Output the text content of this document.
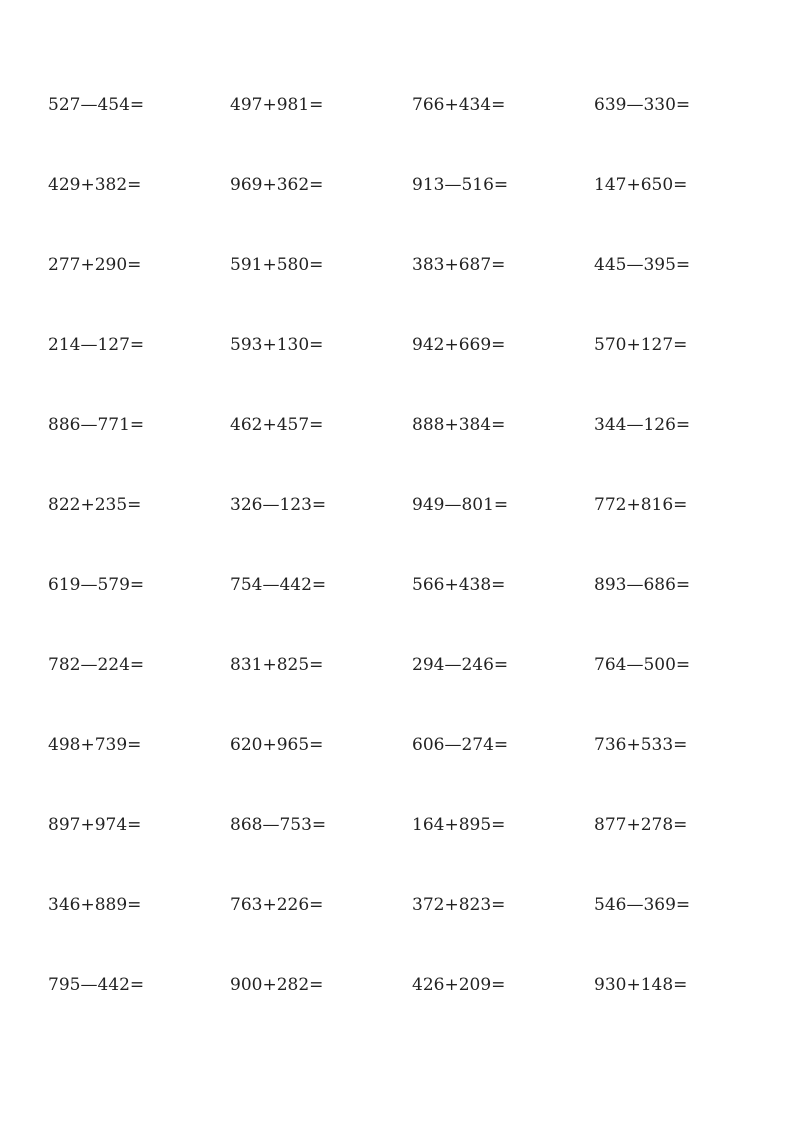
527—454=	497+981=	766+434=	639—330=
429+382=	969+362=	913—516=	147+650=
277+290=	591+580=	383+687=	445—395=
214—127=	593+130=	942+669=	570+127=
886—771=	462+457=	888+384=	344—126=
822+235=	326—123=	949—801=	772+816=
619—579=	754—442=	566+438=	893—686=
782—224=	831+825=	294—246=	764—500=
498+739=	620+965=	606—274=	736+533=
897+974=	868—753=	164+895=	877+278=
346+889=	763+226=	372+823=	546—369=
795—442=	900+282=	426+209=	930+148=
